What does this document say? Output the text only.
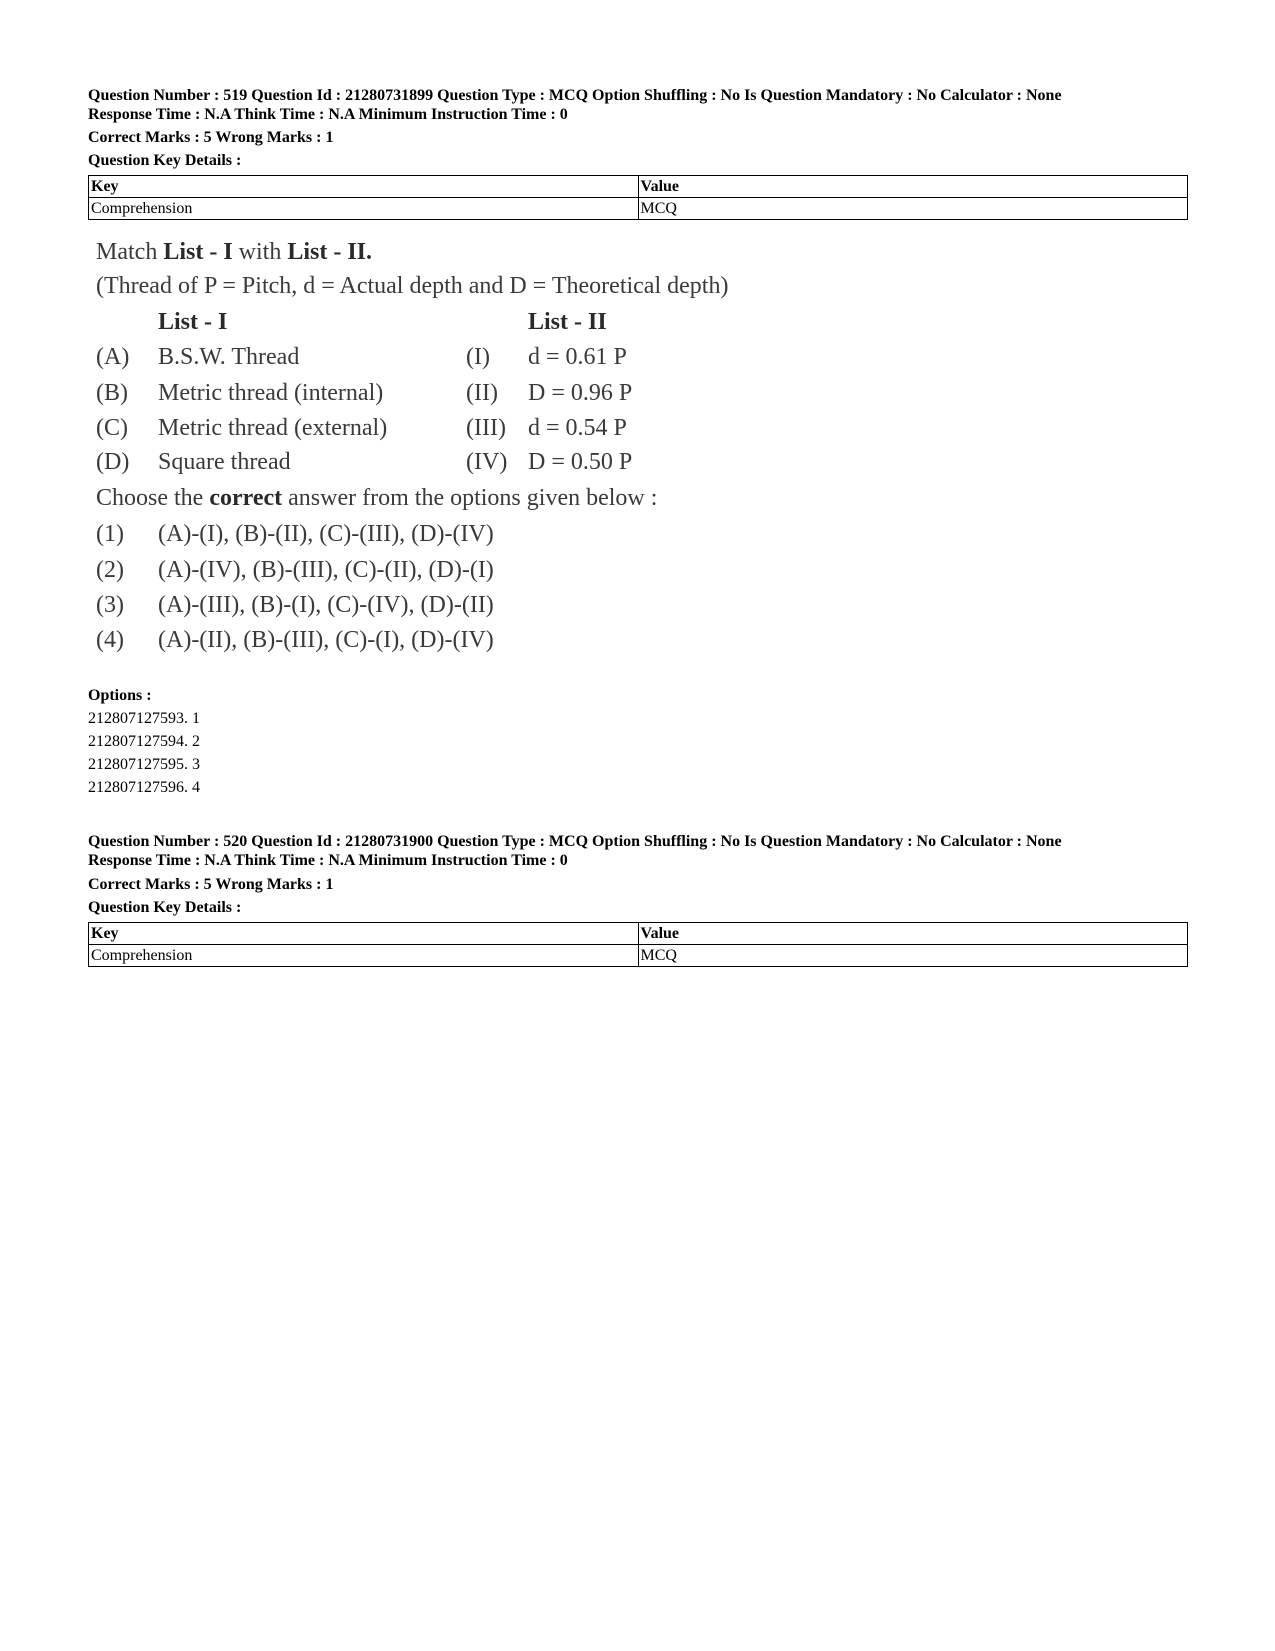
Question Number : 519 Question Id : 21280731899 Question Type : MCQ Option Shuffling : No Is Question Mandatory : No Calculator : None
Response Time : N.A Think Time : N.A Minimum Instruction Time : 0
Correct Marks : 5 Wrong Marks : 1
Question Key Details :
Key	Value
Comprehension	MCQ
Match List - I with List - II.
(Thread of P = Pitch, d = Actual depth and D = Theoretical depth)
List - I	List - II
(A) B.S.W. Thread	(I) d = 0.61 P
(B) Metric thread (internal)	(II) D = 0.96 P
(C) Metric thread (external)	(III) d = 0.54 P
(D) Square thread	(IV) D = 0.50 P
Choose the correct answer from the options given below :
(1) (A)-(I), (B)-(II), (C)-(III), (D)-(IV)
(2) (A)-(IV), (B)-(III), (C)-(II), (D)-(I)
(3) (A)-(III), (B)-(I), (C)-(IV), (D)-(II)
(4) (A)-(II), (B)-(III), (C)-(I), (D)-(IV)
Options :
212807127593. 1
212807127594. 2
212807127595. 3
212807127596. 4
Question Number : 520 Question Id : 21280731900 Question Type : MCQ Option Shuffling : No Is Question Mandatory : No Calculator : None
Response Time : N.A Think Time : N.A Minimum Instruction Time : 0
Correct Marks : 5 Wrong Marks : 1
Question Key Details :
Key	Value
Comprehension	MCQ
